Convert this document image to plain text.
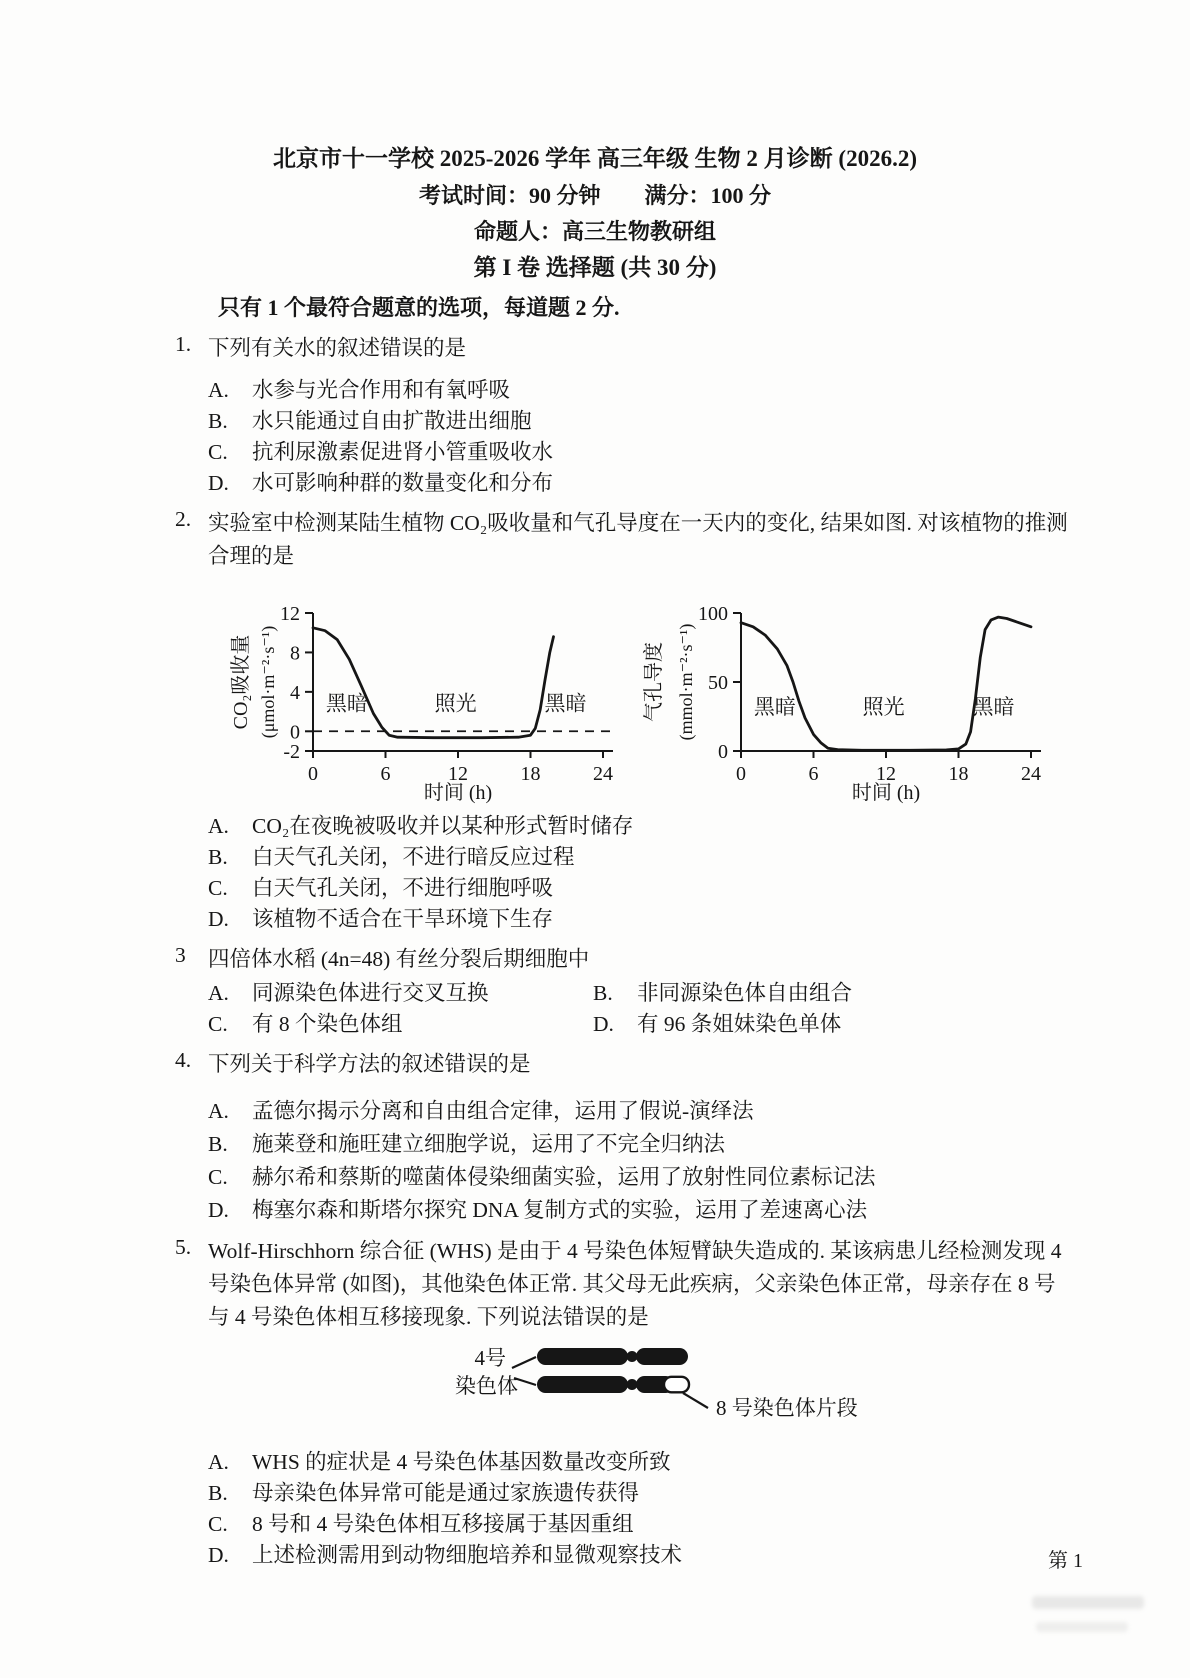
北京市十一学校 2025-2026 学年 高三年级 生物 2 月诊断 (2026.2)
考试时间：90 分钟　　满分：100 分
命题人：高三生物教研组
第 I 卷 选择题 (共 30 分)
只有 1 个最符合题意的选项，每道题 2 分.
1. 下列有关水的叙述错误的是
A.	水参与光合作用和有氧呼吸
B.	水只能通过自由扩散进出细胞
C.	抗利尿激素促进肾小管重吸收水
D.	水可影响种群的数量变化和分布
2. 实验室中检测某陆生植物 CO₂吸收量和气孔导度在一天内的变化, 结果如图. 对该植物的推测
合理的是
0	6	12	18	24
-2
0
4
8
12
黑暗	照光	黑暗
时间 (h)
CO₂吸收量 (μmol·m⁻²·s⁻¹)
0	6	12	18	24
0
50
100
黑暗	照光	黑暗
时间 (h)
气孔导度 (mmol·m⁻²·s⁻¹)
A.	CO₂在夜晚被吸收并以某种形式暂时储存
B.	白天气孔关闭，不进行暗反应过程
C.	白天气孔关闭，不进行细胞呼吸
D.	该植物不适合在干旱环境下生存
3	四倍体水稻 (4n=48) 有丝分裂后期细胞中
A.	同源染色体进行交叉互换	B.	非同源染色体自由组合
C.	有 8 个染色体组	D.	有 96 条姐妹染色单体
4. 下列关于科学方法的叙述错误的是
A.	孟德尔揭示分离和自由组合定律，运用了假说-演绎法
B.	施莱登和施旺建立细胞学说，运用了不完全归纳法
C.	赫尔希和蔡斯的噬菌体侵染细菌实验，运用了放射性同位素标记法
D.	梅塞尔森和斯塔尔探究 DNA 复制方式的实验，运用了差速离心法
5. Wolf-Hirschhorn 综合征 (WHS) 是由于 4 号染色体短臂缺失造成的. 某该病患儿经检测发现 4
号染色体异常 (如图)，其他染色体正常. 其父母无此疾病，父亲染色体正常，母亲存在 8 号
与 4 号染色体相互移接现象. 下列说法错误的是
4号
染色体
8 号染色体片段
A.	WHS 的症状是 4 号染色体基因数量改变所致
B.	母亲染色体异常可能是通过家族遗传获得
C.	8 号和 4 号染色体相互移接属于基因重组
D.	上述检测需用到动物细胞培养和显微观察技术	第 1
